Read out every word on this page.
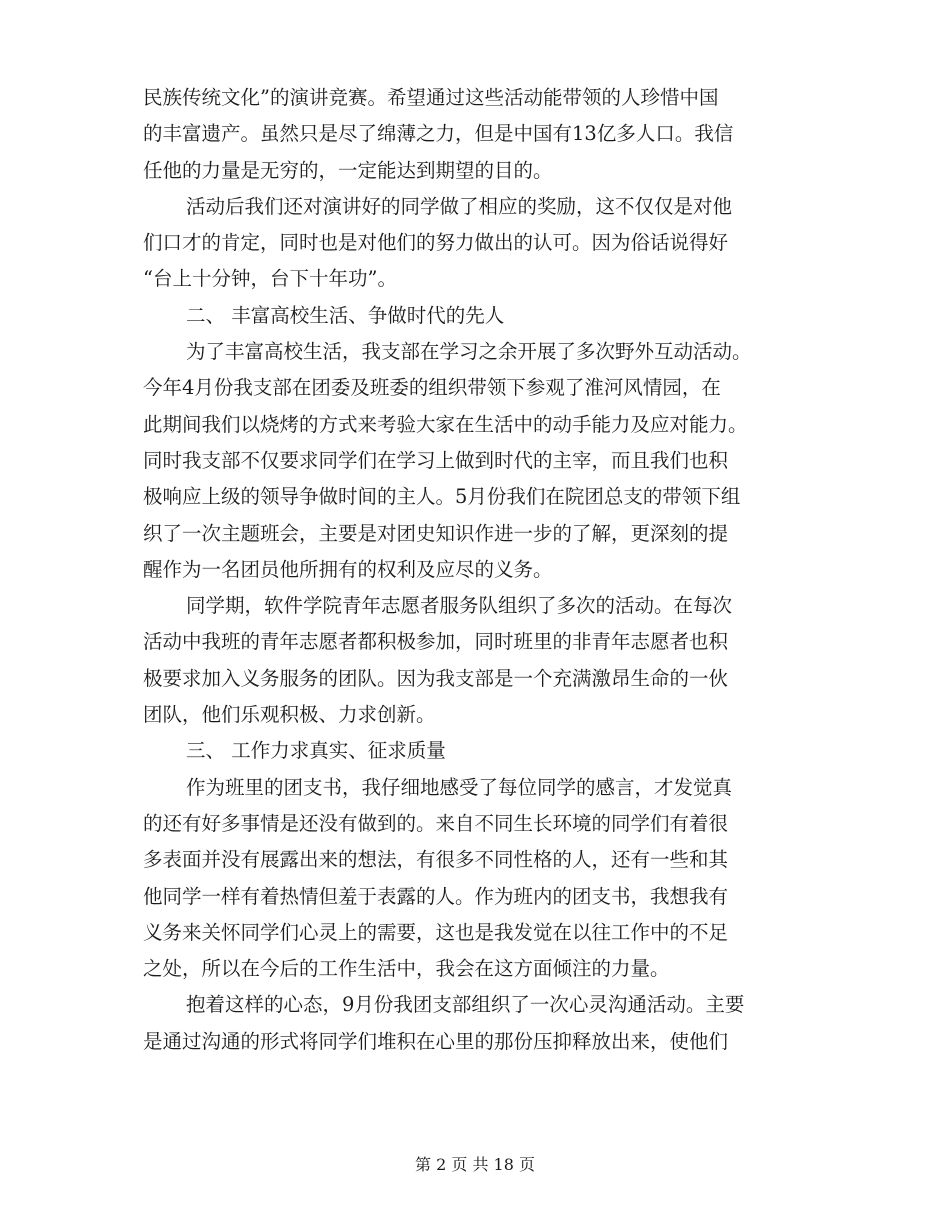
民族传统文化”的演讲竞赛。希望通过这些活动能带领的人珍惜中国
的丰富遗产。虽然只是尽了绵薄之力，但是中国有13亿多人口。我信
任他的力量是无穷的，一定能达到期望的目的。
活动后我们还对演讲好的同学做了相应的奖励，这不仅仅是对他
们口才的肯定，同时也是对他们的努力做出的认可。因为俗话说得好
“台上十分钟，台下十年功”。
二、 丰富高校生活、争做时代的先人
为了丰富高校生活，我支部在学习之余开展了多次野外互动活动。
今年4月份我支部在团委及班委的组织带领下参观了淮河风情园，在
此期间我们以烧烤的方式来考验大家在生活中的动手能力及应对能力。
同时我支部不仅要求同学们在学习上做到时代的主宰，而且我们也积
极响应上级的领导争做时间的主人。5月份我们在院团总支的带领下组
织了一次主题班会，主要是对团史知识作进一步的了解，更深刻的提
醒作为一名团员他所拥有的权利及应尽的义务。
同学期，软件学院青年志愿者服务队组织了多次的活动。在每次
活动中我班的青年志愿者都积极参加，同时班里的非青年志愿者也积
极要求加入义务服务的团队。因为我支部是一个充满激昂生命的一伙
团队，他们乐观积极、力求创新。
三、 工作力求真实、征求质量
作为班里的团支书，我仔细地感受了每位同学的感言，才发觉真
的还有好多事情是还没有做到的。来自不同生长环境的同学们有着很
多表面并没有展露出来的想法，有很多不同性格的人，还有一些和其
他同学一样有着热情但羞于表露的人。作为班内的团支书，我想我有
义务来关怀同学们心灵上的需要，这也是我发觉在以往工作中的不足
之处，所以在今后的工作生活中，我会在这方面倾注的力量。
抱着这样的心态，9月份我团支部组织了一次心灵沟通活动。主要
是通过沟通的形式将同学们堆积在心里的那份压抑释放出来，使他们
第 2 页 共 18 页
